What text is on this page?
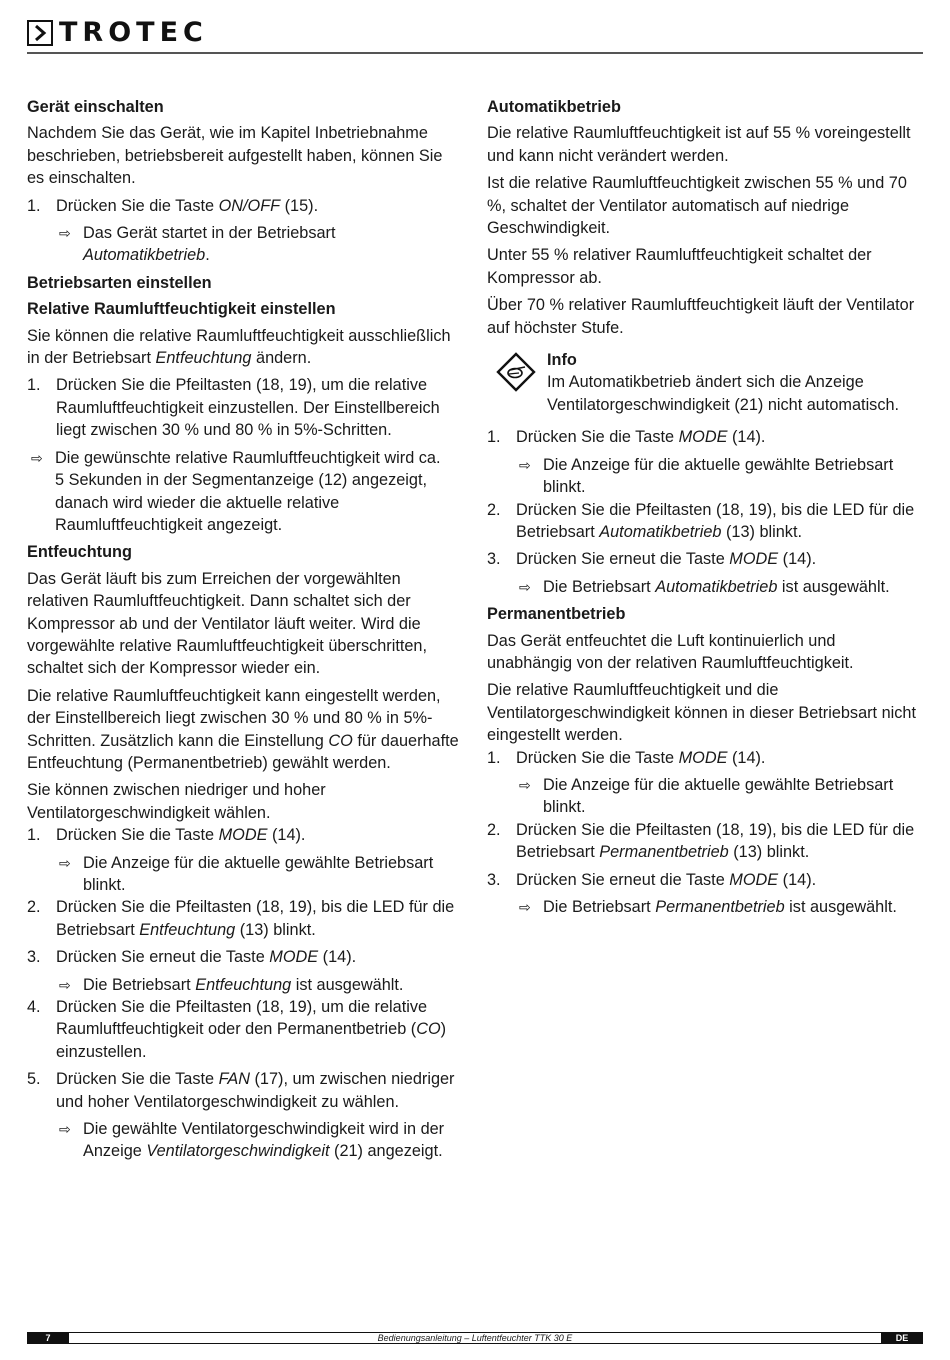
TROTEC
Gerät einschalten
Nachdem Sie das Gerät, wie im Kapitel Inbetriebnahme beschrieben, betriebsbereit aufgestellt haben, können Sie es einschalten.
1. Drücken Sie die Taste ON/OFF (15).
⇨ Das Gerät startet in der Betriebsart Automatikbetrieb.
Betriebsarten einstellen
Relative Raumluftfeuchtigkeit einstellen
Sie können die relative Raumluftfeuchtigkeit ausschließlich in der Betriebsart Entfeuchtung ändern.
1. Drücken Sie die Pfeiltasten (18, 19), um die relative Raumluftfeuchtigkeit einzustellen. Der Einstellbereich liegt zwischen 30 % und 80 % in 5%-Schritten.
⇨ Die gewünschte relative Raumluftfeuchtigkeit wird ca.
5 Sekunden in der Segmentanzeige (12) angezeigt, danach wird wieder die aktuelle relative Raumluftfeuchtigkeit angezeigt.
Entfeuchtung
Das Gerät läuft bis zum Erreichen der vorgewählten relativen Raumluftfeuchtigkeit. Dann schaltet sich der Kompressor ab und der Ventilator läuft weiter. Wird die vorgewählte relative Raumluftfeuchtigkeit überschritten, schaltet sich der Kompressor wieder ein.
Die relative Raumluftfeuchtigkeit kann eingestellt werden, der Einstellbereich liegt zwischen 30 % und 80 % in 5%-Schritten. Zusätzlich kann die Einstellung CO für dauerhafte Entfeuchtung (Permanentbetrieb) gewählt werden.
Sie können zwischen niedriger und hoher Ventilatorgeschwindigkeit wählen.
1. Drücken Sie die Taste MODE (14).
⇨ Die Anzeige für die aktuelle gewählte Betriebsart blinkt.
2. Drücken Sie die Pfeiltasten (18, 19), bis die LED für die Betriebsart Entfeuchtung (13) blinkt.
3. Drücken Sie erneut die Taste MODE (14).
⇨ Die Betriebsart Entfeuchtung ist ausgewählt.
4. Drücken Sie die Pfeiltasten (18, 19), um die relative Raumluftfeuchtigkeit oder den Permanentbetrieb (CO) einzustellen.
5. Drücken Sie die Taste FAN (17), um zwischen niedriger und hoher Ventilatorgeschwindigkeit zu wählen.
⇨ Die gewählte Ventilatorgeschwindigkeit wird in der Anzeige Ventilatorgeschwindigkeit (21) angezeigt.
Automatikbetrieb
Die relative Raumluftfeuchtigkeit ist auf 55 % voreingestellt und kann nicht verändert werden.
Ist die relative Raumluftfeuchtigkeit zwischen 55 % und 70 %, schaltet der Ventilator automatisch auf niedrige Geschwindigkeit.
Unter 55 % relativer Raumluftfeuchtigkeit schaltet der Kompressor ab.
Über 70 % relativer Raumluftfeuchtigkeit läuft der Ventilator auf höchster Stufe.
Info
Im Automatikbetrieb ändert sich die Anzeige Ventilatorgeschwindigkeit (21) nicht automatisch.
1. Drücken Sie die Taste MODE (14).
⇨ Die Anzeige für die aktuelle gewählte Betriebsart blinkt.
2. Drücken Sie die Pfeiltasten (18, 19), bis die LED für die Betriebsart Automatikbetrieb (13) blinkt.
3. Drücken Sie erneut die Taste MODE (14).
⇨ Die Betriebsart Automatikbetrieb ist ausgewählt.
Permanentbetrieb
Das Gerät entfeuchtet die Luft kontinuierlich und unabhängig von der relativen Raumluftfeuchtigkeit.
Die relative Raumluftfeuchtigkeit und die Ventilatorgeschwindigkeit können in dieser Betriebsart nicht eingestellt werden.
1. Drücken Sie die Taste MODE (14).
⇨ Die Anzeige für die aktuelle gewählte Betriebsart blinkt.
2. Drücken Sie die Pfeiltasten (18, 19), bis die LED für die Betriebsart Permanentbetrieb (13) blinkt.
3. Drücken Sie erneut die Taste MODE (14).
⇨ Die Betriebsart Permanentbetrieb ist ausgewählt.
7	Bedienungsanleitung – Luftentfeuchter TTK 30 E	DE
